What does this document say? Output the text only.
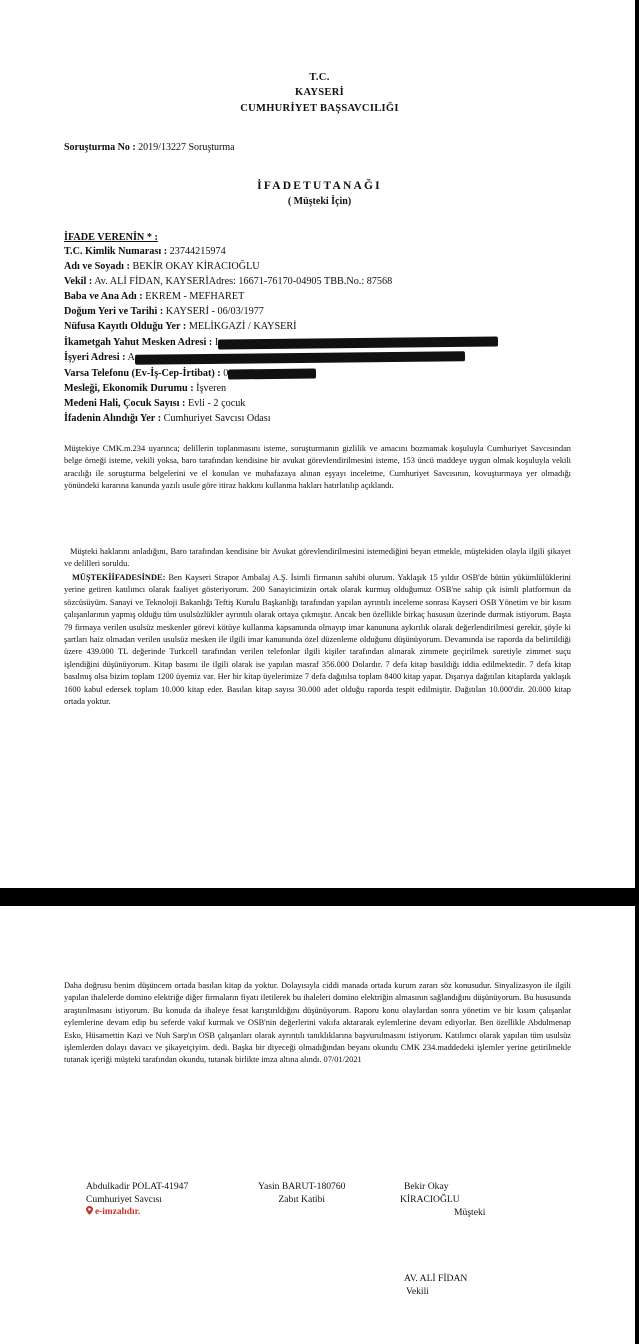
T.C.
KAYSERİ
CUMHURİYET BAŞSAVCILIĞI
Soruşturma No : 2019/13227 Soruşturma
İFADETUTANAĞI
( Müşteki İçin)
İFADE VERENİN * :
T.C. Kimlik Numarası : 23744215974
Adı ve Soyadı : BEKİR OKAY KİRACIOĞLU
Vekil : Av. ALİ FİDAN, KAYSERİAdres: 16671-76170-04905 TBB.No.: 87568
Baba ve Ana Adı : EKREM - MEFHARET
Doğum Yeri ve Tarihi : KAYSERİ - 06/03/1977
Nüfusa Kayıtlı Olduğu Yer : MELİKGAZİ / KAYSERİ
İkametgah Yahut Mesken Adresi : I
İşyeri Adresi : A
Varsa Telefonu (Ev-İş-Cep-İrtibat) : 0
Mesleği, Ekonomik Durumu : İşveren
Medeni Hali, Çocuk Sayısı : Evli - 2 çocuk
İfadenin Alındığı Yer : Cumhuriyet Savcısı Odası

Müştekiye CMK.m.234 uyarınca; delillerin toplanmasını isteme, soruşturmanın gizlilik ve amacını bozmamak koşuluyla Cumhuriyet Savcısından belge örneği isteme, vekili yoksa, baro tarafından kendisine bir avukat görevlendirilmesini isteme, 153 üncü maddeye uygun olmak koşuluyla vekili aracılığı ile soruşturma belgelerini ve el konulan ve muhafazaya alınan eşyayı inceletme, Cumhuriyet Savcısının, kovuşturmaya yer olmadığı yönündeki kararına kanunda yazılı usule göre itiraz hakkını kullanma hakları hatırlatılıp açıklandı.

Müşteki haklarını anladığını, Baro tarafından kendisine bir Avukat görevlendirilmesini istemediğini beyan etmekle, müştekiden olayla ilgili şikayet ve delilleri soruldu.

MÜŞTEKİİFADESİNDE: Ben Kayseri Strapor Ambalaj A.Ş. İsimli firmanın sahibi olurum. Yaklaşık 15 yıldır OSB'de bütün yükümlülüklerini yerine getiren katılımcı olarak faaliyet gösteriyorum. 200 Sanayicimizin ortak olarak kurmuş olduğumuz OSB'ne sahip çık isimli platformun da sözcüsüyüm. Sanayi ve Teknoloji Bakanlığı Teftiş Kurulu Başkanlığı tarafından yapılan ayrıntılı inceleme sonrası Kayseri OSB Yönetim ve bir kısım çalışanlarının yapmış olduğu tüm usulsüzlükler ayrıntılı olarak ortaya çıkmıştır. Ancak ben özellikle birkaç hususun üzerinde durmak istiyorum. Başta 79 firmaya verilen usulsüz meskenler görevi kötüye kullanma kapsamında olmayıp imar kanununa aykırılık olarak değerlendirilmesi gerekir, şöyle ki şartları haiz olmadan verilen usulsüz mesken ile ilgili imar kanununda özel düzenleme olduğunu düşünüyorum. Devamında ise raporda da belirtildiği üzere 439.000 TL değerinde Turkcell tarafından verilen telefonlar ilgili kişiler tarafından alınarak zimmete geçirilmek suretiyle zimmet suçu işlendiğini düşünüyorum. Kitap basımı ile ilgili olarak ise yapılan masraf 356.000 Dolardır. 7 defa kitap basıldığı iddia edilmektedir. 7 defa kitap basılmış olsa bizim toplam 1200 üyemiz var. Her bir kitap üyelerimize 7 defa dağıtılsa toplam 8400 kitap yapar. Dışarıya dağıtılan kitaplarda yaklaşık 1600 kabul edersek toplam 10.000 kitap eder. Basılan kitap sayısı 30.000 adet olduğu raporda tespit edilmiştir. Dağıtılan 10.000'dir. 20.000 kitap ortada yoktur.

Daha doğrusu benim düşüncem ortada basılan kitap da yoktur. Dolayısıyla ciddi manada ortada kurum zararı söz konusudur. Sinyalizasyon ile ilgili yapılan ihalelerde domino elektriğe diğer firmaların fiyatı iletilerek bu ihaleleri domino elektriğin almasının sağlandığını düşünüyorum. Bu hususunda araştırılmasını istiyorum. Bu konuda da ihaleye fesat karıştırıldığını düşünüyorum. Raporu konu olaylardan sonra yönetim ve bir kısım çalışanlar eylemlerine devam edip bu seferde vakıf kurmak ve OSB'nin değerlerini vakıfa aktararak eylemlerine devam ediyorlar. Ben özellikle Abdulmenap Esko, Hüsamettin Kazi ve Nuh Sarp'ın OSB çalışanları olarak ayrıntılı tanıklıklarına başvurulmasını istiyorum. Katılımcı olarak yapılan tüm usulsüz işlemlerden dolayı davacı ve şikayetçiyim. dedi. Başka bir diyeceği olmadığından beyanı okundu CMK 234.maddedeki işlemler yerine getirilmekle tutanak içeriği müşteki tarafından okundu, tutanak birlikte imza altına alındı. 07/01/2021

Abdulkadir POLAT-41947
Cumhuriyet Savcısı
e-imzalıdır.
Yasin BARUT-180760
Zabıt Katibi
Bekir Okay
KİRACIOĞLU
Müşteki
AV. ALİ FİDAN
Vekili
